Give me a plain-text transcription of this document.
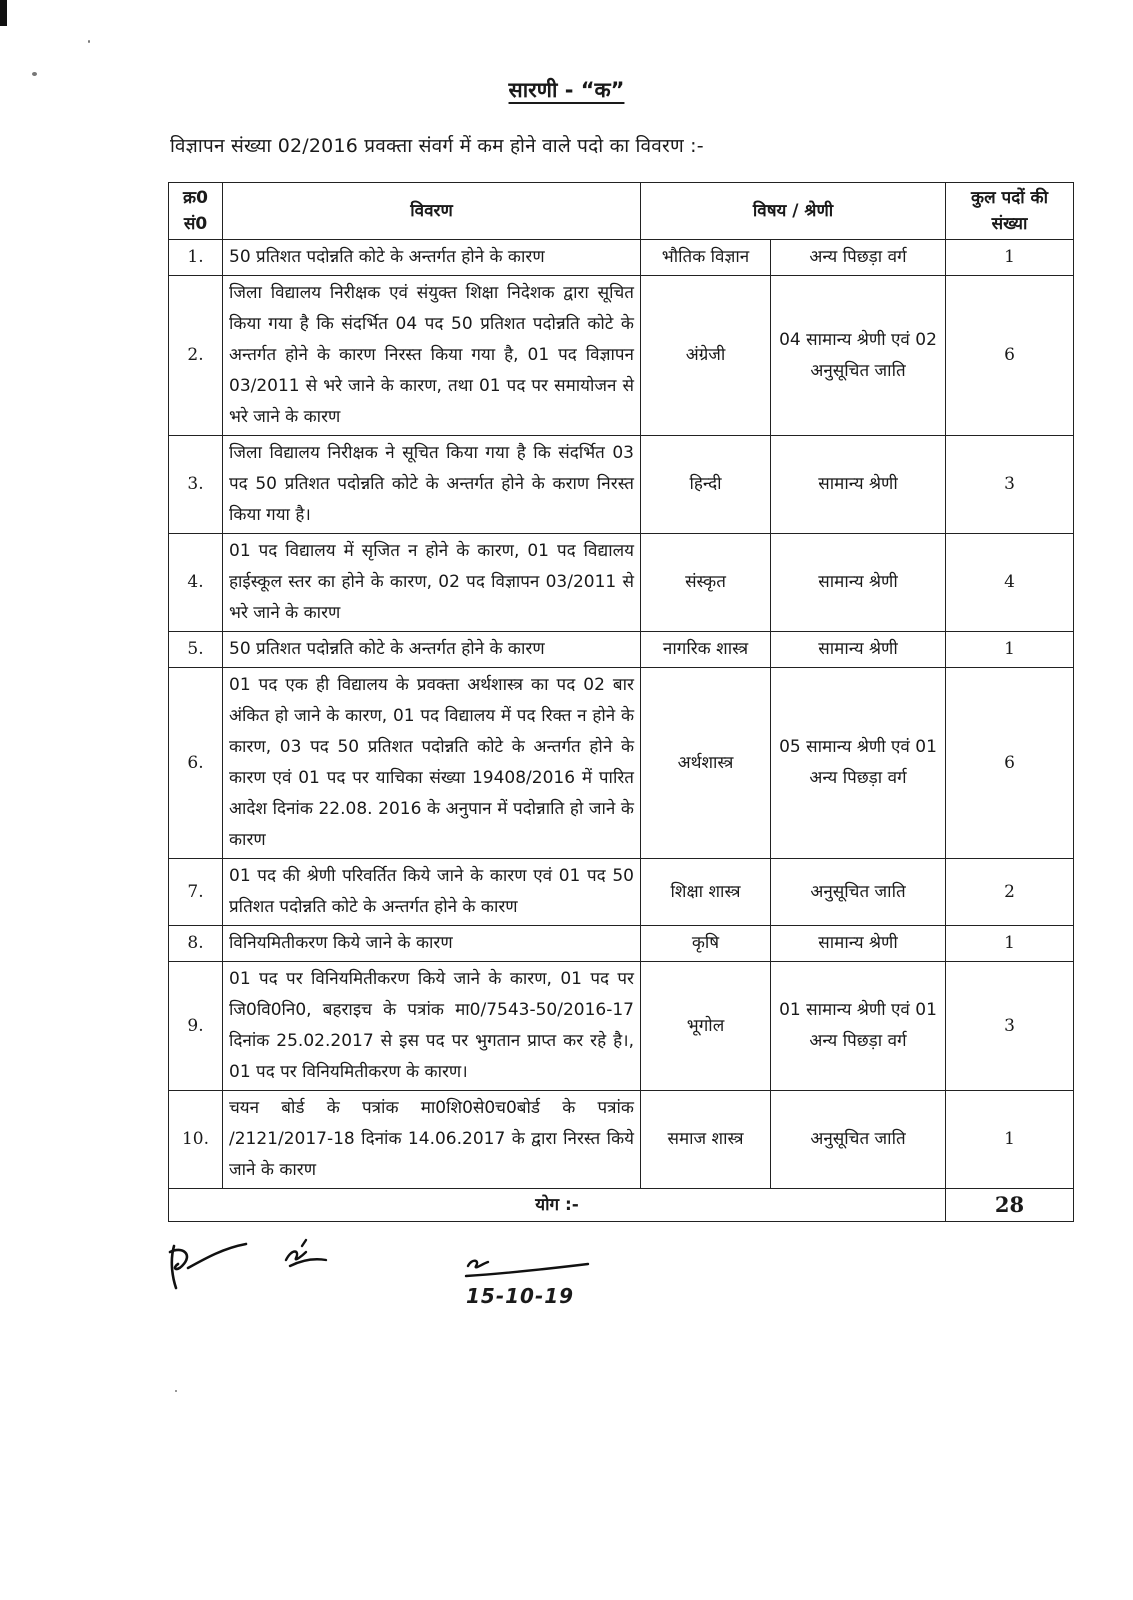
सारणी - “क”
विज्ञापन संख्या 02/2016 प्रवक्ता संवर्ग में कम होने वाले पदो का विवरण :-
क्र0 सं0	विवरण	विषय / श्रेणी		कुल पदों की संख्या
1.	50 प्रतिशत पदोन्नति कोटे के अन्तर्गत होने के कारण	भौतिक विज्ञान	अन्य पिछड़ा वर्ग	1
2.	जिला विद्यालय निरीक्षक एवं संयुक्त शिक्षा निदेशक द्वारा सूचित किया गया है कि संदर्भित 04 पद 50 प्रतिशत पदोन्नति कोटे के अन्तर्गत होने के कारण निरस्त किया गया है, 01 पद विज्ञापन 03/2011 से भरे जाने के कारण, तथा 01 पद पर समायोजन से भरे जाने के कारण	अंग्रेजी	04 सामान्य श्रेणी एवं 02 अनुसूचित जाति	6
3.	जिला विद्यालय निरीक्षक ने सूचित किया गया है कि संदर्भित 03 पद 50 प्रतिशत पदोन्नति कोटे के अन्तर्गत होने के कराण निरस्त किया गया है।	हिन्दी	सामान्य श्रेणी	3
4.	01 पद विद्यालय में सृजित न होने के कारण, 01 पद विद्यालय हाईस्कूल स्तर का होने के कारण, 02 पद विज्ञापन 03/2011 से भरे जाने के कारण	संस्कृत	सामान्य श्रेणी	4
5.	50 प्रतिशत पदोन्नति कोटे के अन्तर्गत होने के कारण	नागरिक शास्त्र	सामान्य श्रेणी	1
6.	01 पद एक ही विद्यालय के प्रवक्ता अर्थशास्त्र का पद 02 बार अंकित हो जाने के कारण, 01 पद विद्यालय में पद रिक्त न होने के कारण, 03 पद 50 प्रतिशत पदोन्नति कोटे के अन्तर्गत होने के कारण एवं 01 पद पर याचिका संख्या 19408/2016 में पारित आदेश दिनांक 22.08. 2016 के अनुपान में पदोन्नाति हो जाने के कारण	अर्थशास्त्र	05 सामान्य श्रेणी एवं 01 अन्य पिछड़ा वर्ग	6
7.	01 पद की श्रेणी परिवर्तित किये जाने के कारण एवं 01 पद 50 प्रतिशत पदोन्नति कोटे के अन्तर्गत होने के कारण	शिक्षा शास्त्र	अनुसूचित जाति	2
8.	विनियमितीकरण किये जाने के कारण	कृषि	सामान्य श्रेणी	1
9.	01 पद पर विनियमितीकरण किये जाने के कारण, 01 पद पर जि0वि0नि0, बहराइच के पत्रांक मा0/7543-50/2016-17 दिनांक 25.02.2017 से इस पद पर भुगतान प्राप्त कर रहे है।, 01 पद पर विनियमितीकरण के कारण।	भूगोल	01 सामान्य श्रेणी एवं 01 अन्य पिछड़ा वर्ग	3
10.	चयन बोर्ड के पत्रांक मा0शि0से0च0बोर्ड के पत्रांक /2121/2017-18 दिनांक 14.06.2017 के द्वारा निरस्त किये जाने के कारण	समाज शास्त्र	अनुसूचित जाति	1
योग :-				28
15-10-19
